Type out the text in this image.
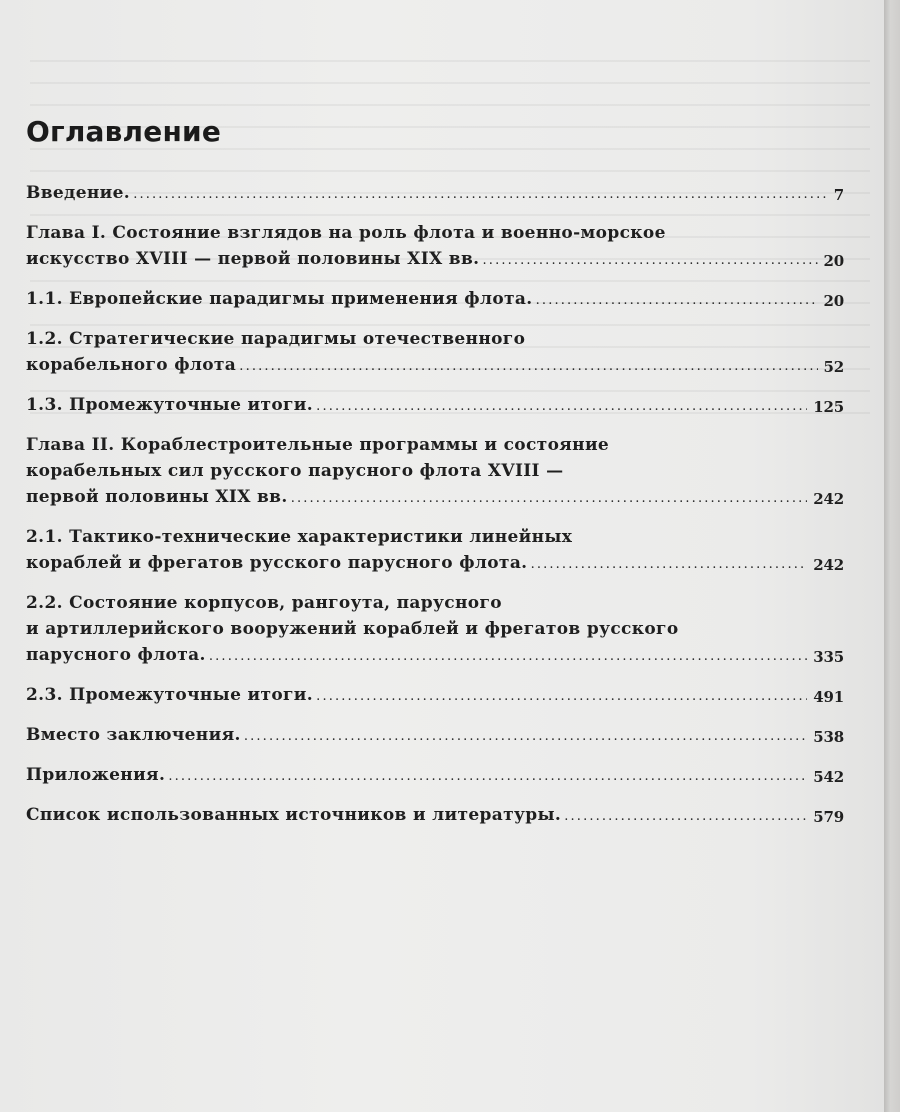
Оглавление
Введение. . . .	7
Глава I. Состояние взглядов на роль флота и военно-морское
искусство XVIII — первой половины XIX вв. . . .	20
1.1. Европейские парадигмы применения флота. . . .	20
1.2. Стратегические парадигмы отечественного
корабельного флота . . .	52
1.3. Промежуточные итоги. . . .	125
Глава II. Кораблестроительные программы и состояние
корабельных сил русского парусного флота XVIII —
первой половины XIX вв. . . .	242
2.1. Тактико-технические характеристики линейных
кораблей и фрегатов русского парусного флота. . . .	242
2.2. Состояние корпусов, рангоута, парусного
и артиллерийского вооружений кораблей и фрегатов русского
парусного флота. . . .	335
2.3. Промежуточные итоги. . . .	491
Вместо заключения. . . .	538
Приложения. . . .	542
Список использованных источников и литературы. . . .	579
